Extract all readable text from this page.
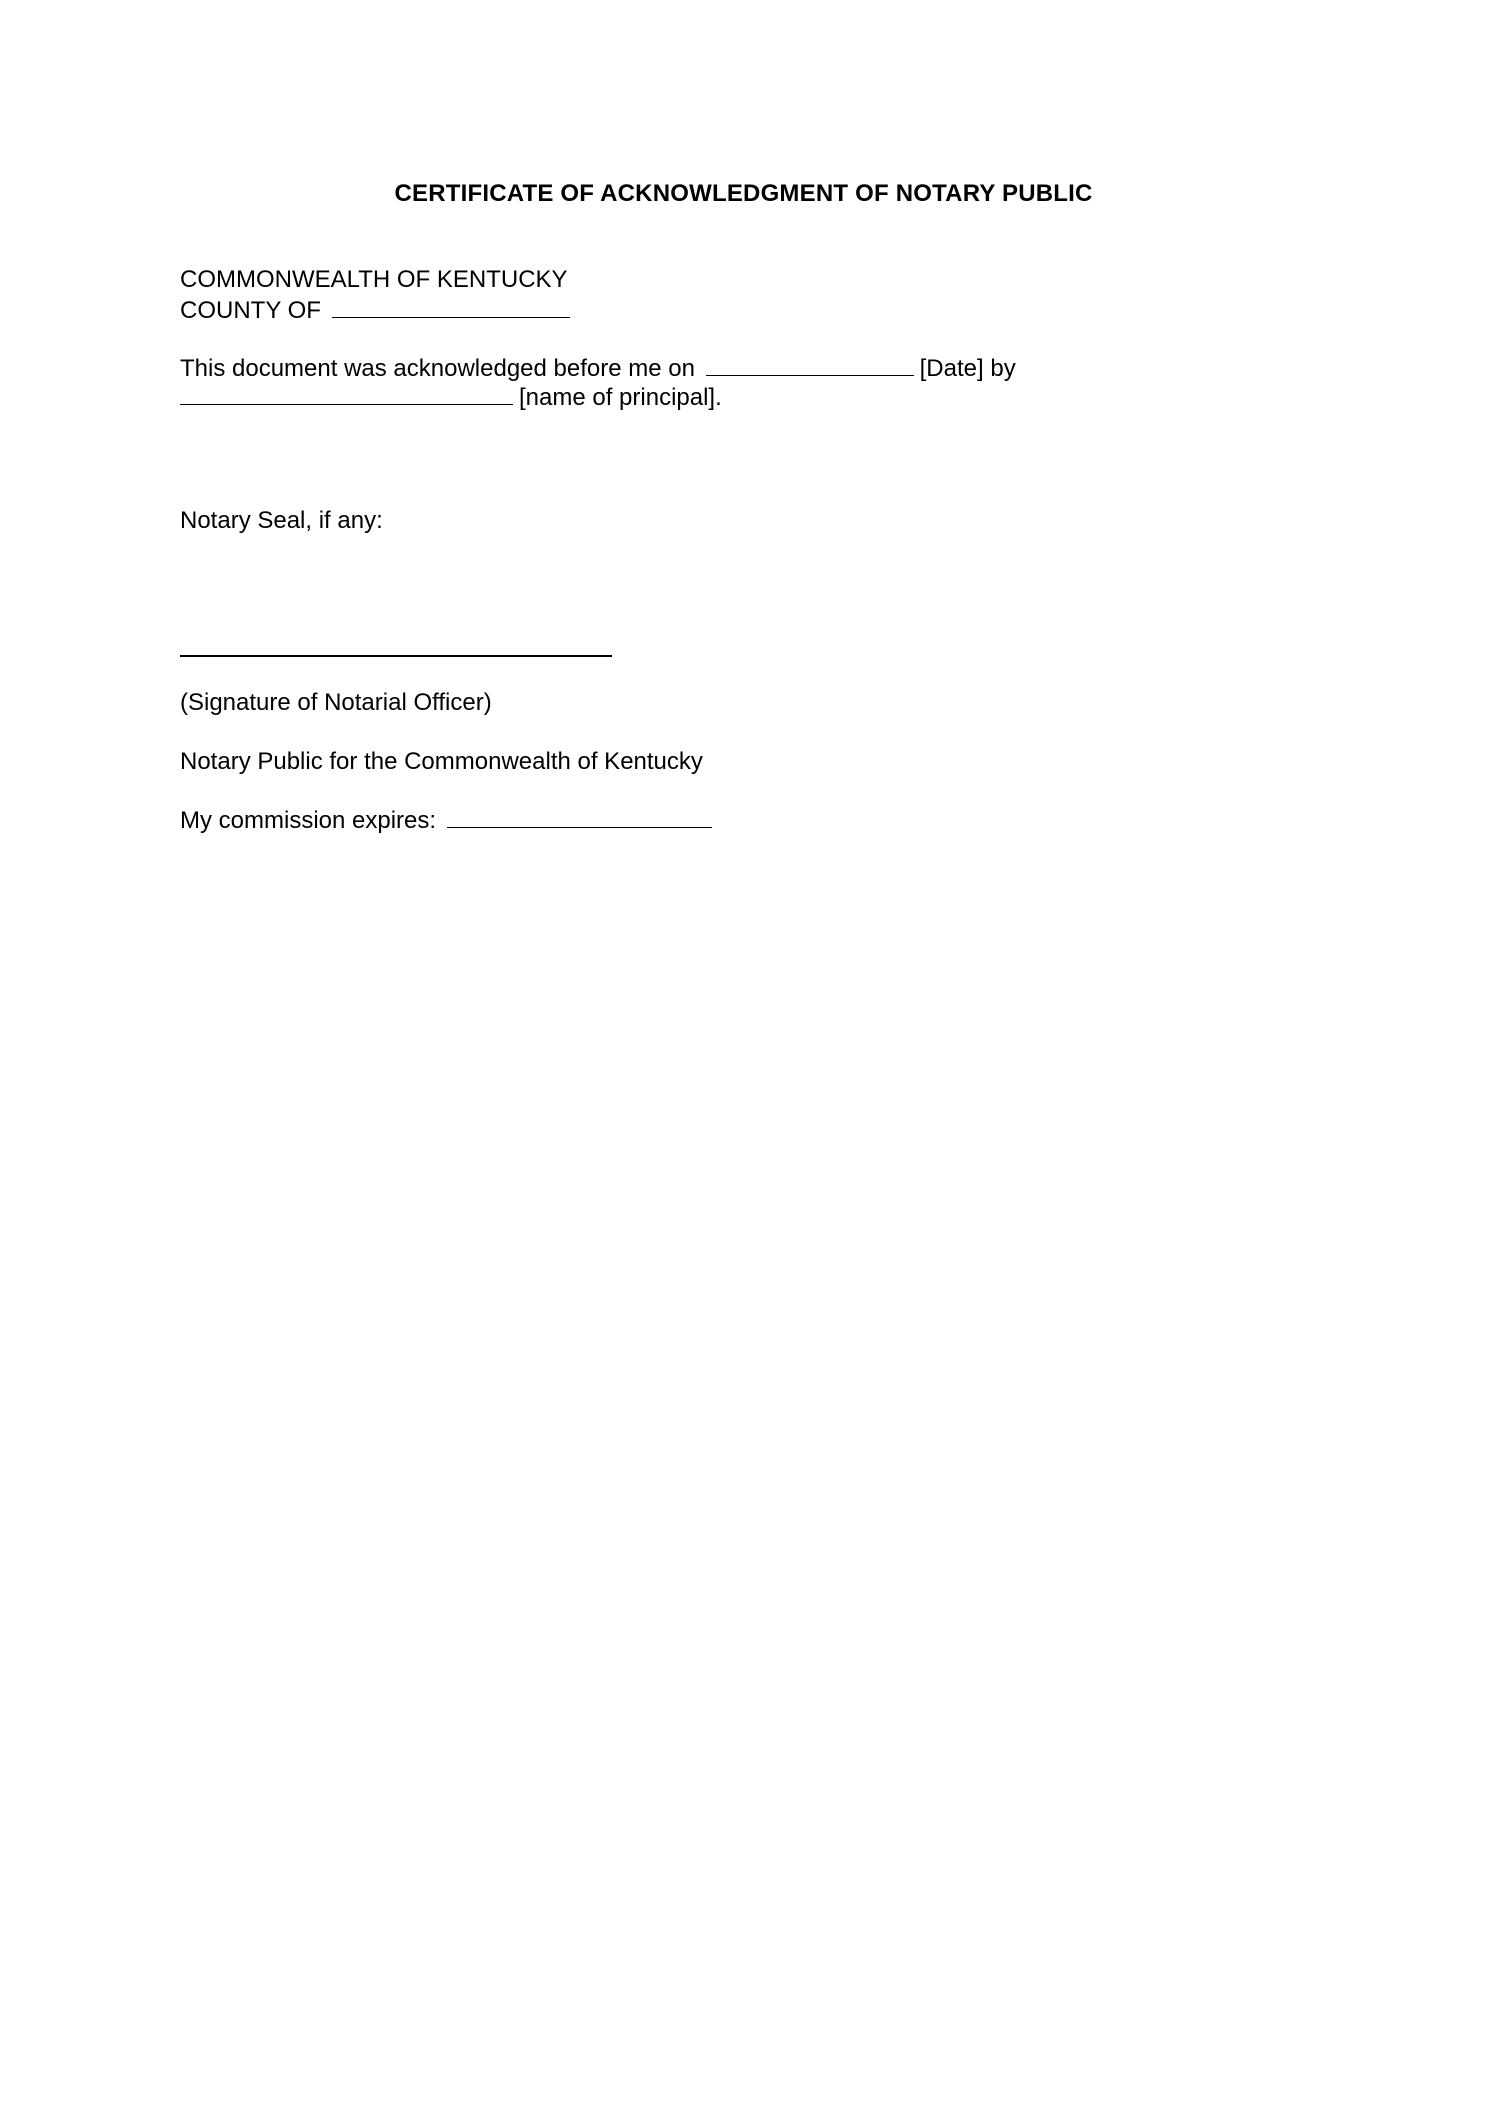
CERTIFICATE OF ACKNOWLEDGMENT OF NOTARY PUBLIC
COMMONWEALTH OF KENTUCKY
COUNTY OF
This document was acknowledged before me on	[Date] by
[name of principal].
Notary Seal, if any:
(Signature of Notarial Officer)
Notary Public for the Commonwealth of Kentucky
My commission expires:
